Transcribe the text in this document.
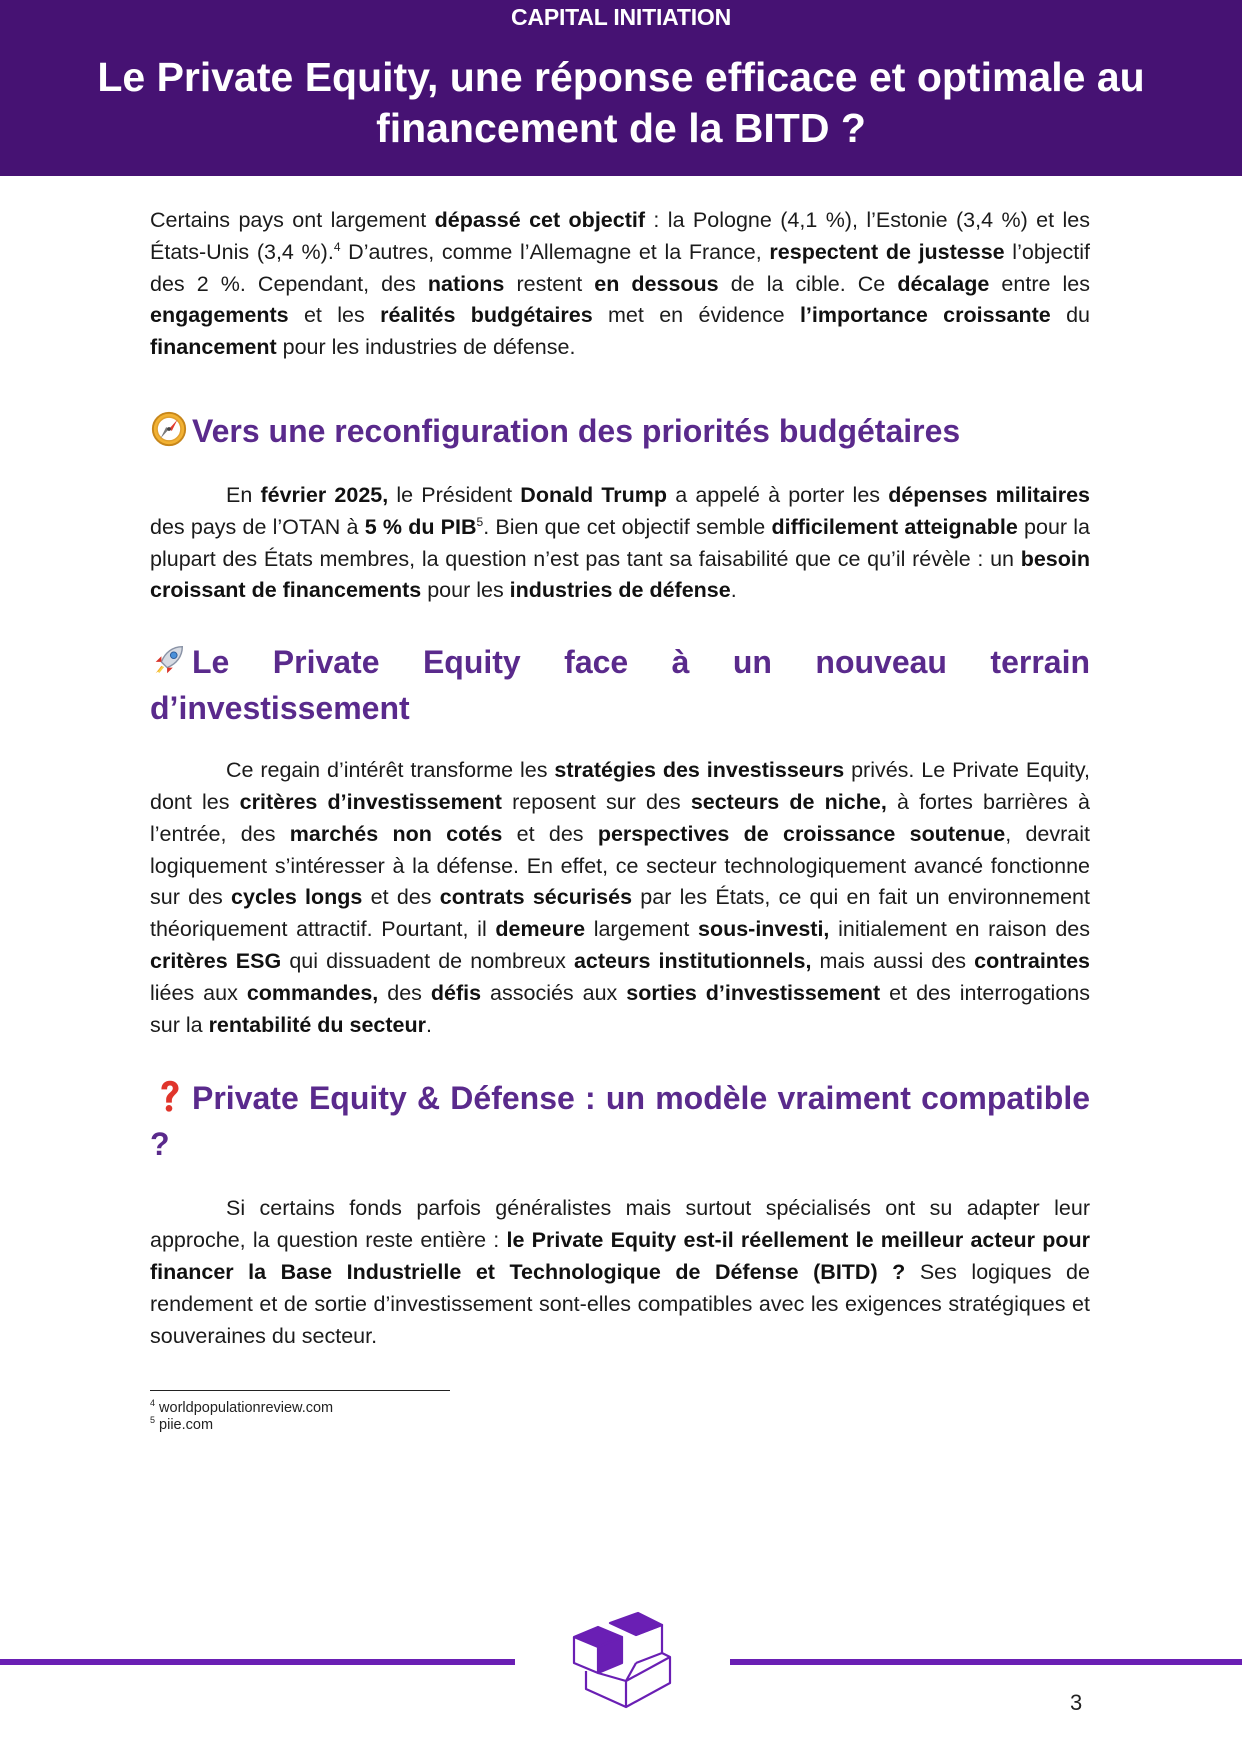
CAPITAL INITIATION
Le Private Equity, une réponse efficace et optimale au financement de la BITD ?

Certains pays ont largement dépassé cet objectif : la Pologne (4,1 %), l’Estonie (3,4 %) et les États-Unis (3,4 %).$^4$ D’autres, comme l’Allemagne et la France, respectent de justesse l’objectif des 2 %. Cependant, des nations restent en dessous de la cible. Ce décalage entre les engagements et les réalités budgétaires met en évidence l’importance croissante du financement pour les industries de défense.

Vers une reconfiguration des priorités budgétaires

En février 2025, le Président Donald Trump a appelé à porter les dépenses militaires des pays de l’OTAN à 5 % du PIB$^5$. Bien que cet objectif semble difficilement atteignable pour la plupart des États membres, la question n’est pas tant sa faisabilité que ce qu’il révèle : un besoin croissant de financements pour les industries de défense.

Le Private Equity face à un nouveau terrain d’investissement

Ce regain d’intérêt transforme les stratégies des investisseurs privés. Le Private Equity, dont les critères d’investissement reposent sur des secteurs de niche, à fortes barrières à l’entrée, des marchés non cotés et des perspectives de croissance soutenue, devrait logiquement s’intéresser à la défense. En effet, ce secteur technologiquement avancé fonctionne sur des cycles longs et des contrats sécurisés par les États, ce qui en fait un environnement théoriquement attractif. Pourtant, il demeure largement sous-investi, initialement en raison des critères ESG qui dissuadent de nombreux acteurs institutionnels, mais aussi des contraintes liées aux commandes, des défis associés aux sorties d’investissement et des interrogations sur la rentabilité du secteur.

Private Equity & Défense : un modèle vraiment compatible ?

Si certains fonds parfois généralistes mais surtout spécialisés ont su adapter leur approche, la question reste entière : le Private Equity est-il réellement le meilleur acteur pour financer la Base Industrielle et Technologique de Défense (BITD) ? Ses logiques de rendement et de sortie d’investissement sont-elles compatibles avec les exigences stratégiques et souveraines du secteur.

$^4$ worldpopulationreview.com
$^5$ piie.com
3
